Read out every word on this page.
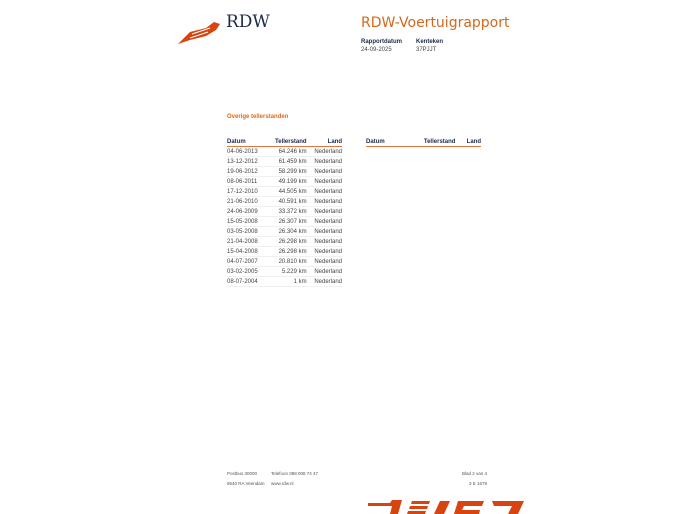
RDW	RDW-Voertuigrapport
Rapportdatum
24-09-2025
Kenteken
37PJJT
Overige tellerstanden
Datum	Tellerstand	Land
04-06-2013	64.246 km	Nederland
13-12-2012	61.459 km	Nederland
19-06-2012	58.299 km	Nederland
08-06-2011	49.199 km	Nederland
17-12-2010	44.505 km	Nederland
21-06-2010	40.591 km	Nederland
24-06-2009	33.372 km	Nederland
15-05-2008	26.307 km	Nederland
03-05-2008	26.304 km	Nederland
21-04-2008	26.298 km	Nederland
15-04-2008	26.298 km	Nederland
04-07-2007	20.810 km	Nederland
03-02-2005	5.229 km	Nederland
08-07-2004	1 km	Nederland
Datum	Tellerstand	Land
Postbus 30000
9640 RA Veendam
Telefoon 088 008 74 47
www.rdw.nl
Blad 2 van 4
3 E 1679
